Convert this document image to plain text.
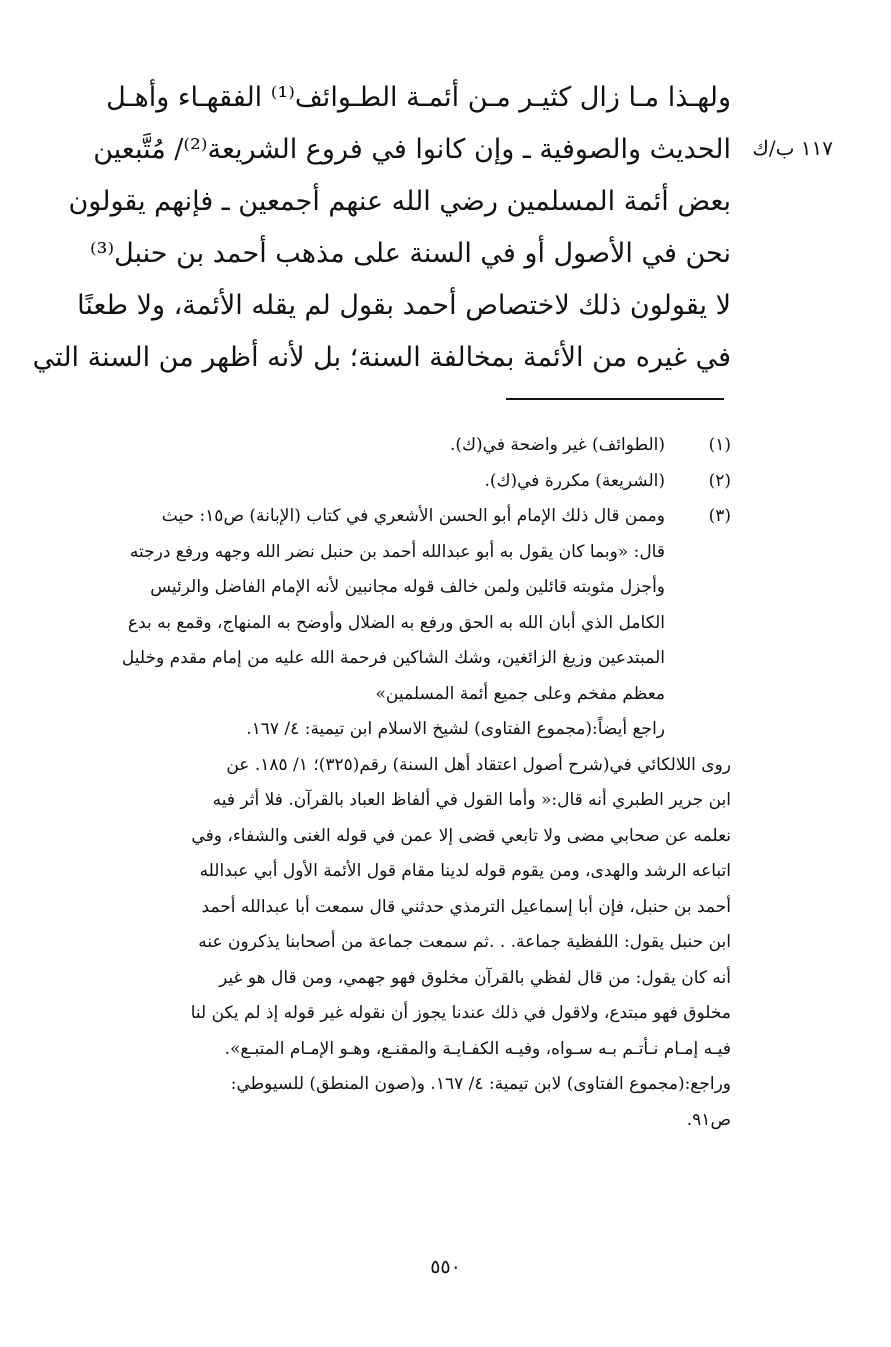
١١٧ ب/ك
ولهـذا مـا زال كثيـر مـن أئمـة الطـوائف⁽¹⁾ الفقهـاء وأهـل
الحديث والصوفية ـ وإن كانوا في فروع الشريعة⁽²⁾/ مُتَّبعين
بعض أئمة المسلمين رضي الله عنهم أجمعين ـ فإنهم يقولون
نحن في الأصول أو في السنة على مذهب أحمد بن حنبل⁽³⁾
لا يقولون ذلك لاختصاص أحمد بقول لم يقله الأئمة، ولا طعنًا
في غيره من الأئمة بمخالفة السنة؛ بل لأنه أظهر من السنة التي
(١)
(الطوائف) غير واضحة في(ك).
(٢)
(الشريعة) مكررة في(ك).
(٣)
وممن قال ذلك الإمام أبو الحسن الأشعري في كتاب (الإبانة) ص١٥: حيث
قال: «وبما كان يقول به أبو عبدالله أحمد بن حنبل نضر الله وجهه ورفع درجته
وأجزل مثوبته قائلين ولمن خالف قوله مجانبين لأنه الإمام الفاضل والرئيس
الكامل الذي أبان الله به الحق ورفع به الضلال وأوضح به المنهاج، وقمع به بدع
المبتدعين وزيغ الزائغين، وشك الشاكين فرحمة الله عليه من إمام مقدم وخليل
معظم مفخم وعلى جميع أئمة المسلمين»
راجع أيضاً:(مجموع الفتاوى) لشيخ الاسلام ابن تيمية: ٤/ ١٦٧.
روى اللالكائي في(شرح أصول اعتقاد أهل السنة) رقم(٣٢٥)؛ ١/ ١٨٥. عن
ابن جرير الطبري أنه قال:« وأما القول في ألفاظ العباد بالقرآن. فلا أثر فيه
نعلمه عن صحابي مضى ولا تابعي قضى إلا عمن في قوله الغنى والشفاء، وفي
اتباعه الرشد والهدى، ومن يقوم قوله لدينا مقام قول الأئمة الأول أبي عبدالله
أحمد بن حنبل، فإن أبا إسماعيل الترمذي حدثني قال سمعت أبا عبدالله أحمد
ابن حنبل يقول: اللفظية جماعة. . .ثم سمعت جماعة من أصحابنا يذكرون عنه
أنه كان يقول: من قال لفظي بالقرآن مخلوق فهو جهمي، ومن قال هو غير
مخلوق فهو مبتدع، ولاقول في ذلك عندنا يجوز أن نقوله غير قوله إذ لم يكن لنا
فيـه إمـام نـأتـم بـه سـواه، وفيـه الكفـايـة والمقنـع، وهـو الإمـام المتبـع».
وراجع:(مجموع الفتاوى) لابن تيمية: ٤/ ١٦٧. و(صون المنطق) للسيوطي:
ص٩١.
٥٥٠
